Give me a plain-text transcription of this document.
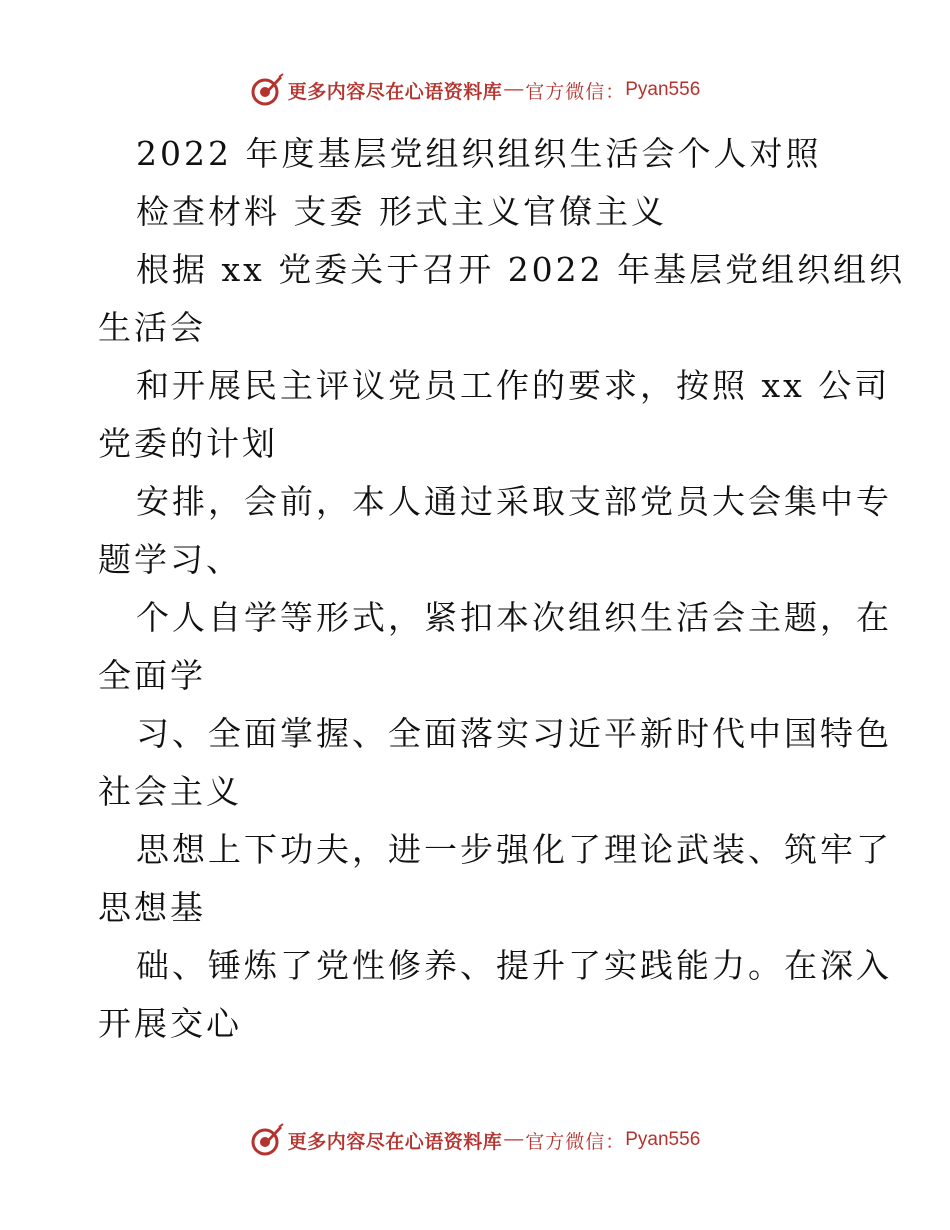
更多内容尽在心语资料库 — 官方微信： Pyan556
2022 年度基层党组织组织生活会个人对照
检查材料 支委 形式主义官僚主义
根据 xx 党委关于召开 2022 年基层党组织组织
生活会
和开展民主评议党员工作的要求，按照 xx 公司
党委的计划
安排，会前，本人通过采取支部党员大会集中专
题学习、
个人自学等形式，紧扣本次组织生活会主题，在
全面学
习、全面掌握、全面落实习近平新时代中国特色
社会主义
思想上下功夫，进一步强化了理论武装、筑牢了
思想基
础、锤炼了党性修养、提升了实践能力。在深入
开展交心
更多内容尽在心语资料库 — 官方微信： Pyan556
